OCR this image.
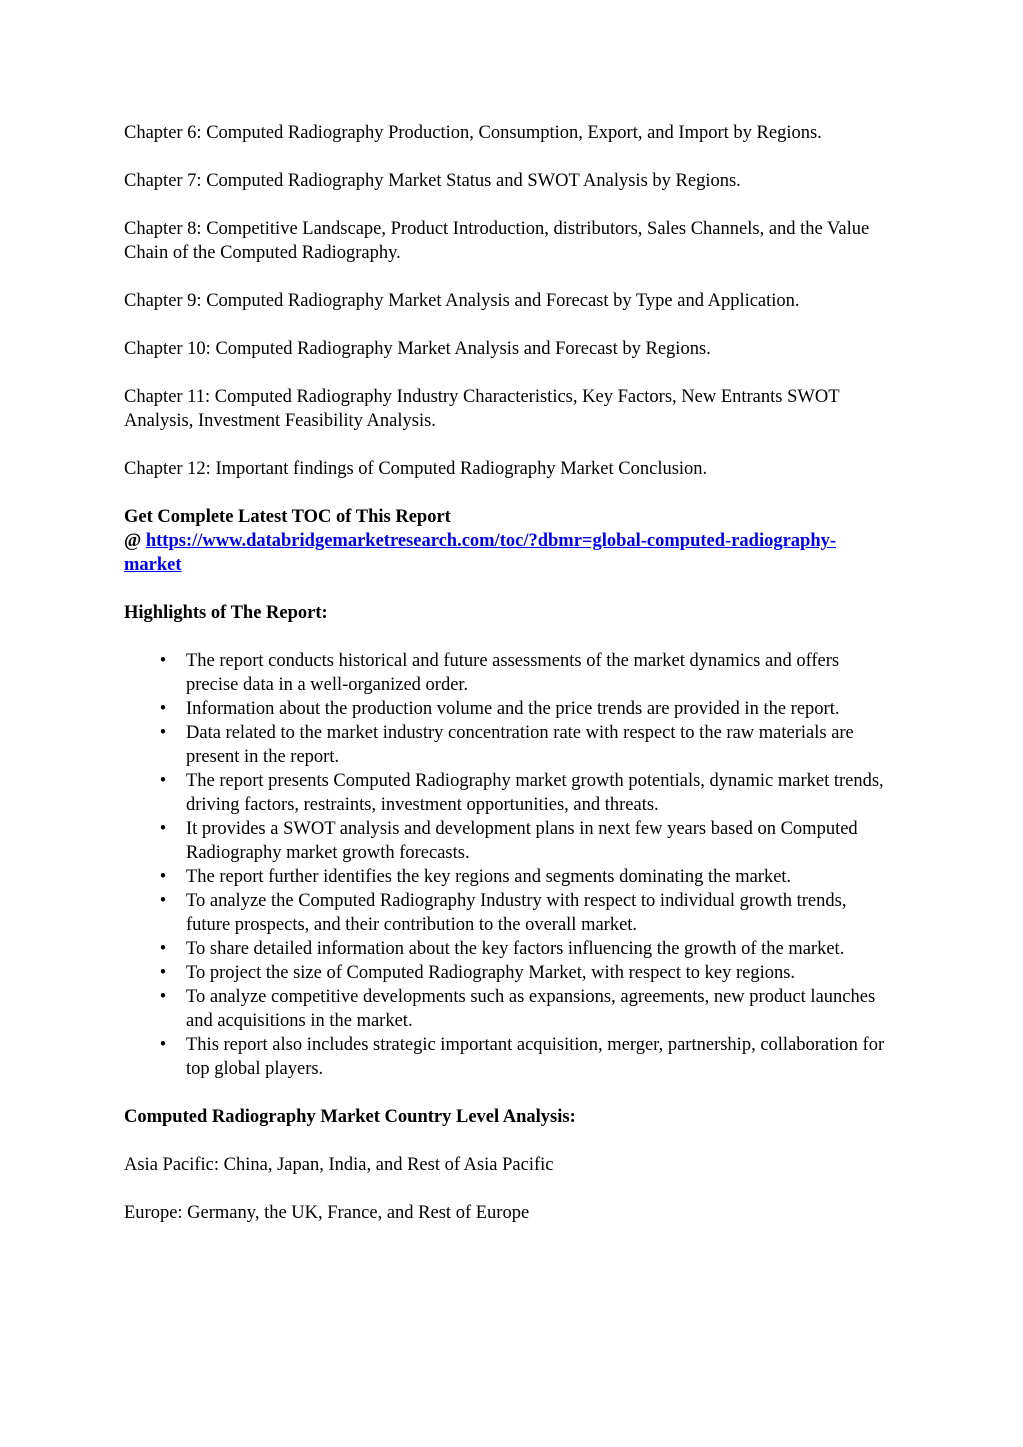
Chapter 6: Computed Radiography Production, Consumption, Export, and Import by Regions.

Chapter 7: Computed Radiography Market Status and SWOT Analysis by Regions.

Chapter 8: Competitive Landscape, Product Introduction, distributors, Sales Channels, and the Value Chain of the Computed Radiography.

Chapter 9: Computed Radiography Market Analysis and Forecast by Type and Application.

Chapter 10: Computed Radiography Market Analysis and Forecast by Regions.

Chapter 11: Computed Radiography Industry Characteristics, Key Factors, New Entrants SWOT Analysis, Investment Feasibility Analysis.

Chapter 12: Important findings of Computed Radiography Market Conclusion.

Get Complete Latest TOC of This Report
@ https://www.databridgemarketresearch.com/toc/?dbmr=global-computed-radiography-market

Highlights of The Report:

• The report conducts historical and future assessments of the market dynamics and offers precise data in a well-organized order.
• Information about the production volume and the price trends are provided in the report.
• Data related to the market industry concentration rate with respect to the raw materials are present in the report.
• The report presents Computed Radiography market growth potentials, dynamic market trends, driving factors, restraints, investment opportunities, and threats.
• It provides a SWOT analysis and development plans in next few years based on Computed Radiography market growth forecasts.
• The report further identifies the key regions and segments dominating the market.
• To analyze the Computed Radiography Industry with respect to individual growth trends, future prospects, and their contribution to the overall market.
• To share detailed information about the key factors influencing the growth of the market.
• To project the size of Computed Radiography Market, with respect to key regions.
• To analyze competitive developments such as expansions, agreements, new product launches and acquisitions in the market.
• This report also includes strategic important acquisition, merger, partnership, collaboration for top global players.

Computed Radiography Market Country Level Analysis:

Asia Pacific: China, Japan, India, and Rest of Asia Pacific

Europe: Germany, the UK, France, and Rest of Europe
